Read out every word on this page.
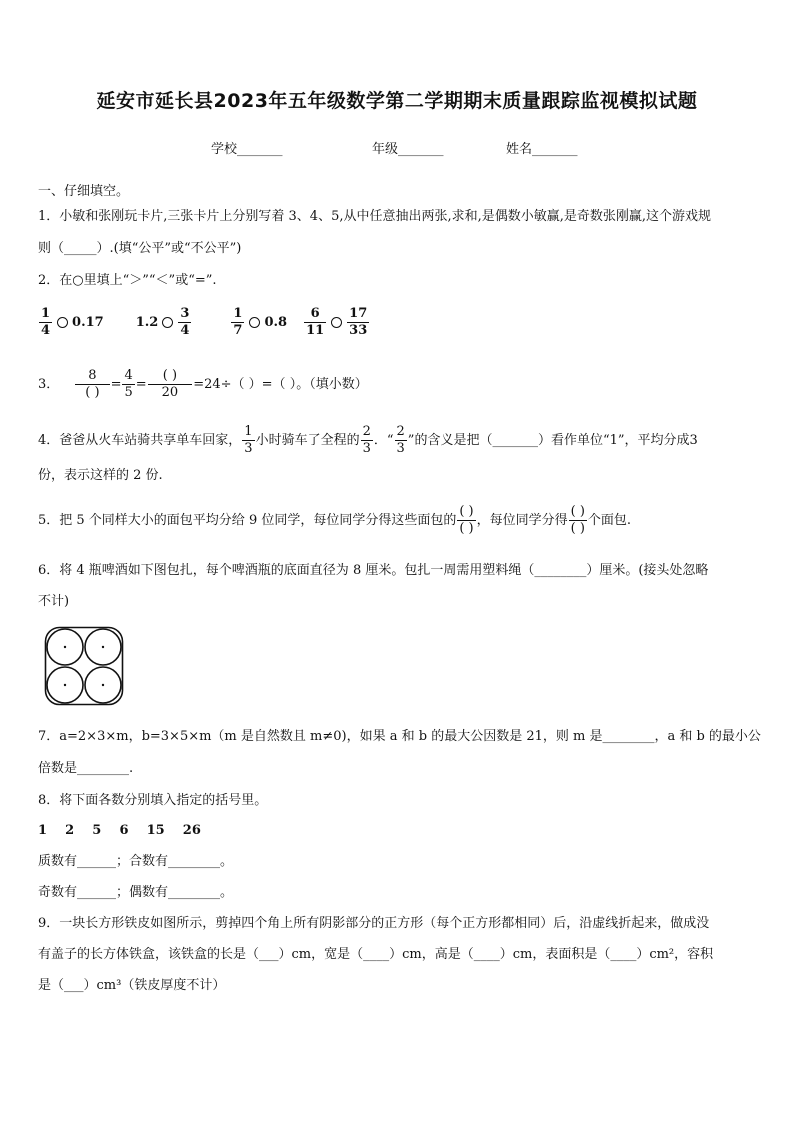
延安市延长县2023年五年级数学第二学期期末质量跟踪监视模拟试题
学校_______	年级_______	姓名_______
一、仔细填空。
1．小敏和张刚玩卡片,三张卡片上分别写着 3、4、5,从中任意抽出两张,求和,是偶数小敏赢,是奇数张刚赢,这个游戏规
则（_____）.(填“公平”或“不公平”)
2．在○里填上“＞”“＜”或“=”.
$\frac{1}{4} 0.17$ $1.2 \frac{3}{4}$	$\frac{1}{7} 0.8 \frac{6}{11} \frac{17}{33}$
3． $\frac{8}{( )} = \frac{4}{5} = \frac{( )}{20} =24\div$（ ）=（ ）。（填小数）
4．爸爸从火车站骑共享单车回家， $\frac{1}{3}$ 小时骑车了全程的 $\frac{2}{3}$ ．“ $\frac{2}{3}$ ”的含义是把（_______）看作单位“1”，平均分成3
份，表示这样的 2 份.
5．把 5 个同样大小的面包平均分给 9 位同学，每位同学分得这些面包的 $\frac{( )}{( )}$ ，每位同学分得 $\frac{( )}{( )}$ 个面包.
6．将 4 瓶啤酒如下图包扎，每个啤酒瓶的底面直径为 8 厘米。包扎一周需用塑料绳（________）厘米。(接头处忽略
不计)
7．a=2×3×m，b=3×5×m（m 是自然数且 m≠0)，如果 a 和 b 的最大公因数是 21，则 m 是________，a 和 b 的最小公
倍数是________.
8．将下面各数分别填入指定的括号里。
1    2    5    6    15    26
质数有______；合数有________。
奇数有______；偶数有________。
9．一块长方形铁皮如图所示，剪掉四个角上所有阴影部分的正方形（每个正方形都相同）后，沿虚线折起来，做成没
有盖子的长方体铁盒，该铁盒的长是（___）cm，宽是（____）cm，高是（____）cm，表面积是（____）cm²，容积
是（___）cm³（铁皮厚度不计）
